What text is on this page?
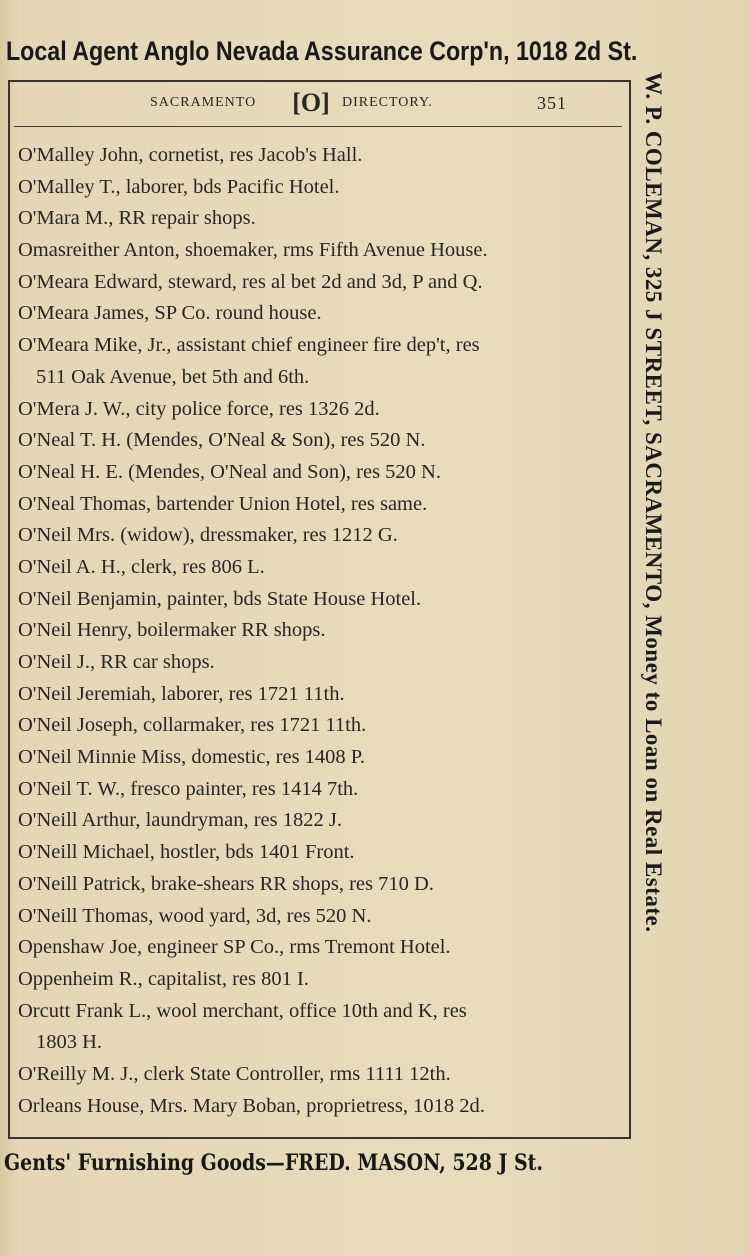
Local Agent Anglo Nevada Assurance Corp'n, 1018 2d St.
SACRAMENTO	[O] DIRECTORY.	351
O'Malley John, cornetist, res Jacob's Hall.
O'Malley T., laborer, bds Pacific Hotel.
O'Mara M., RR repair shops.
Omasreither Anton, shoemaker, rms Fifth Avenue House.
O'Meara Edward, steward, res al bet 2d and 3d, P and Q.
O'Meara James, SP Co. round house.
O'Meara Mike, Jr., assistant chief engineer fire dep't, res
511 Oak Avenue, bet 5th and 6th.
O'Mera J. W., city police force, res 1326 2d.
O'Neal T. H. (Mendes, O'Neal & Son), res 520 N.
O'Neal H. E. (Mendes, O'Neal and Son), res 520 N.
O'Neal Thomas, bartender Union Hotel, res same.
O'Neil Mrs. (widow), dressmaker, res 1212 G.
O'Neil A. H., clerk, res 806 L.
O'Neil Benjamin, painter, bds State House Hotel.
O'Neil Henry, boilermaker RR shops.
O'Neil J., RR car shops.
O'Neil Jeremiah, laborer, res 1721 11th.
O'Neil Joseph, collarmaker, res 1721 11th.
O'Neil Minnie Miss, domestic, res 1408 P.
O'Neil T. W., fresco painter, res 1414 7th.
O'Neill Arthur, laundryman, res 1822 J.
O'Neill Michael, hostler, bds 1401 Front.
O'Neill Patrick, brake-shears RR shops, res 710 D.
O'Neill Thomas, wood yard, 3d, res 520 N.
Openshaw Joe, engineer SP Co., rms Tremont Hotel.
Oppenheim R., capitalist, res 801 I.
Orcutt Frank L., wool merchant, office 10th and K, res
1803 H.
O'Reilly M. J., clerk State Controller, rms 1111 12th.
Orleans House, Mrs. Mary Boban, proprietress, 1018 2d.
W. P. COLEMAN, 325 J STREET, SACRAMENTO, Money to Loan on Real Estate.
Gents' Furnishing Goods—FRED. MASON, 528 J St.
